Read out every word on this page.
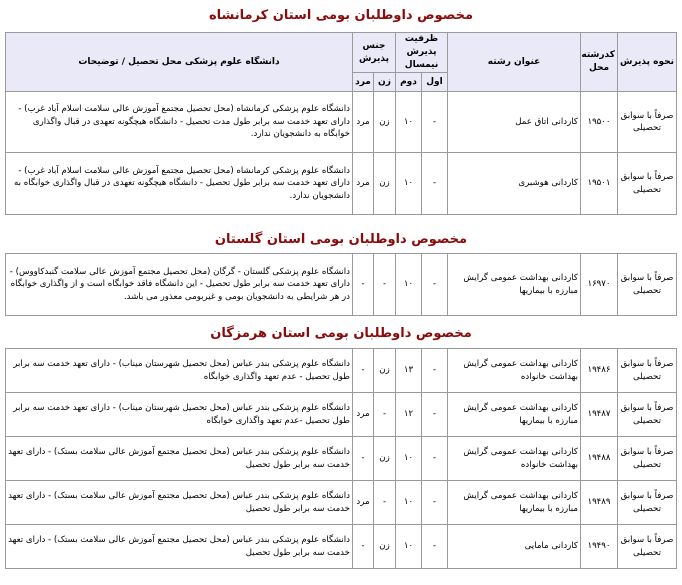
مخصوص داوطلبان بومی استان کرمانشاه
نحوه پذیرش	کدرشته
محل	عنوان رشته	ظرفیت
پذیرش نیمسال		جنس
پذیرش		دانشگاه علوم پزشکی محل تحصیل / توضیحات
			اول	دوم	زن	مرد	
صرفاً با سوابق تحصیلی	۱۹۵۰۰	کاردانی اتاق عمل	-	۱۰	زن	مرد	دانشگاه علوم پزشکی کرمانشاه (محل تحصیل مجتمع آموزش عالی سلامت اسلام آباد غرب) - دارای تعهد خدمت سه برابر طول مدت تحصیل - دانشگاه هیچگونه تعهدی در قبال واگذاری خوابگاه به دانشجویان ندارد.
صرفاً با سوابق تحصیلی	۱۹۵۰۱	کاردانی هوشبری	-	۱۰	زن	مرد	دانشگاه علوم پزشکی کرمانشاه (محل تحصیل مجتمع آموزش عالی سلامت اسلام آباد غرب) - دارای تعهد خدمت سه برابر طول تحصیل - دانشگاه هیچگونه تعهدی در قبال واگذاری خوابگاه به دانشجویان ندارد.
مخصوص داوطلبان بومی استان گلستان
صرفاً با سوابق تحصیلی	۱۶۹۷۰	کاردانی بهداشت عمومی گرایش مبارزه با بیماریها	-	۱۰	-	-	دانشگاه علوم پزشکی گلستان - گرگان (محل تحصیل مجتمع آموزش عالی سلامت گنبدکاووس) - دارای تعهد خدمت سه برابر طول تحصیل - این دانشگاه فاقد خوابگاه است و از واگذاری خوابگاه در هر شرایطی به دانشجویان بومی و غیربومی معذور می باشد.
مخصوص داوطلبان بومی استان هرمزگان
صرفاً با سوابق تحصیلی	۱۹۴۸۶	کاردانی بهداشت عمومی گرایش بهداشت خانواده	-	۱۳	زن	-	دانشگاه علوم پزشکی بندر عباس (محل تحصیل شهرستان میناب) - دارای تعهد خدمت سه برابر طول تحصیل - عدم تعهد واگذاری خوابگاه
صرفاً با سوابق تحصیلی	۱۹۴۸۷	کاردانی بهداشت عمومی گرایش مبارزه با بیماریها	-	۱۲	-	مرد	دانشگاه علوم پزشکی بندر عباس (محل تحصیل شهرستان میناب) - دارای تعهد خدمت سه برابر طول تحصیل -عدم تعهد واگذاری خوابگاه
صرفاً با سوابق تحصیلی	۱۹۴۸۸	کاردانی بهداشت عمومی گرایش بهداشت خانواده	-	۱۰	زن	-	دانشگاه علوم پزشکی بندر عباس (محل تحصیل مجتمع آموزش عالی سلامت بستک) - دارای تعهد خدمت سه برابر طول تحصیل
صرفاً با سوابق تحصیلی	۱۹۴۸۹	کاردانی بهداشت عمومی گرایش مبارزه با بیماریها	-	۱۰	-	مرد	دانشگاه علوم پزشکی بندر عباس (محل تحصیل مجتمع آموزش عالی سلامت بستک) - دارای تعهد خدمت سه برابر طول تحصیل
صرفاً با سوابق تحصیلی	۱۹۴۹۰	کاردانی مامایی	-	۱۰	زن	-	دانشگاه علوم پزشکی بندر عباس (محل تحصیل مجتمع آموزش عالی سلامت بستک) - دارای تعهد خدمت سه برابر طول تحصیل
